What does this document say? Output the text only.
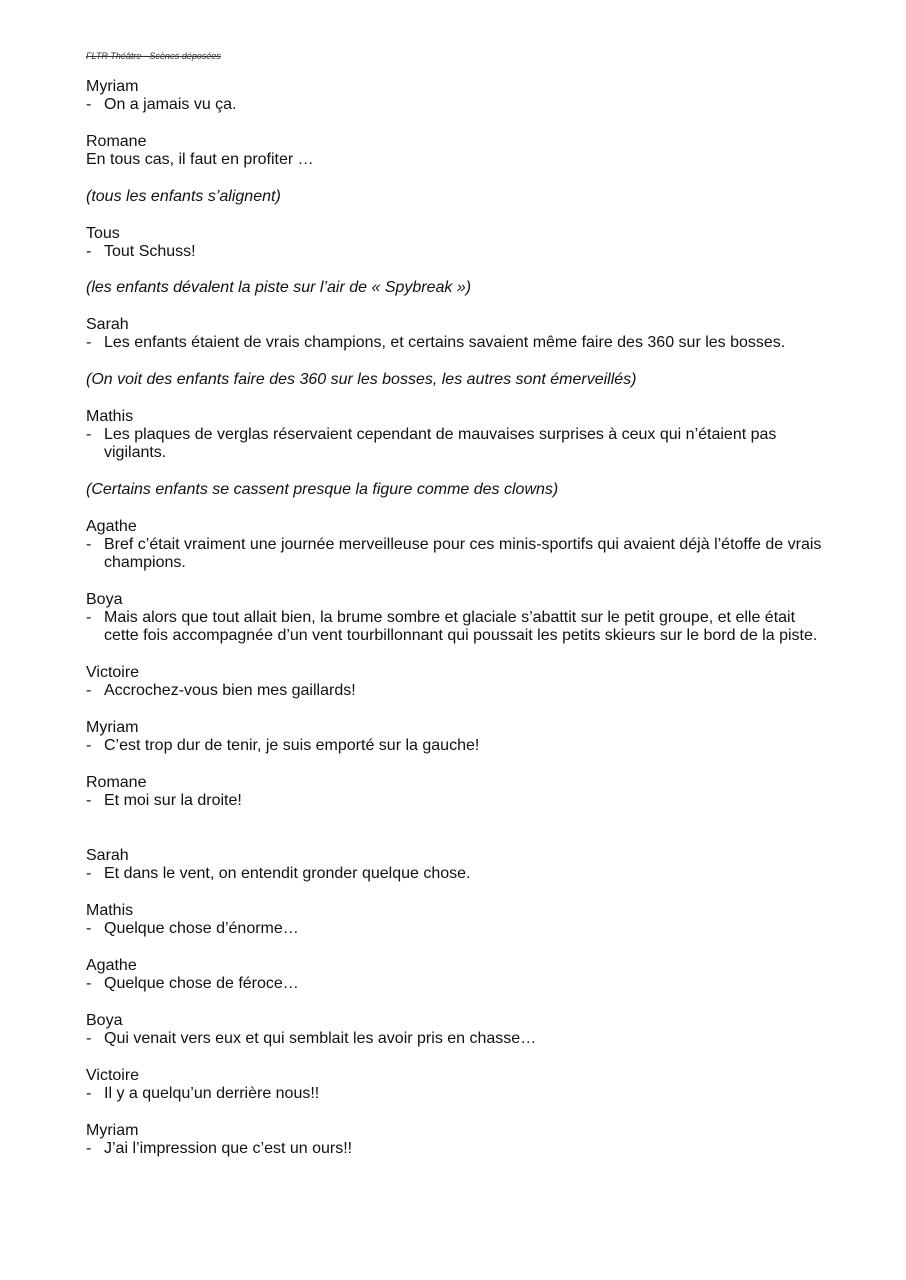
FLTR Théâtre - Scènes déposées
Myriam
- On a jamais vu ça.
Romane
En tous cas, il faut en profiter …
(tous les enfants s’alignent)
Tous
- Tout Schuss!
(les enfants dévalent la piste sur l’air de « Spybreak »)
Sarah
- Les enfants étaient de vrais champions, et certains savaient même faire des 360 sur les bosses.
(On voit des enfants faire des 360 sur les bosses, les autres sont émerveillés)
Mathis
- Les plaques de verglas réservaient cependant de mauvaises surprises à ceux qui n’étaient pas vigilants.
(Certains enfants se cassent presque la figure comme des clowns)
Agathe
- Bref c’était vraiment une journée merveilleuse pour ces minis-sportifs qui avaient déjà l’étoffe de vrais champions.
Boya
- Mais alors que tout allait bien, la brume sombre et glaciale s’abattit sur le petit groupe, et elle était cette fois accompagnée d’un vent tourbillonnant qui poussait les petits skieurs sur le bord de la piste.
Victoire
- Accrochez-vous bien mes gaillards!
Myriam
- C’est trop dur de tenir, je suis emporté sur la gauche!
Romane
- Et moi sur la droite!
Sarah
- Et dans le vent, on entendit gronder quelque chose.
Mathis
- Quelque chose d’énorme…
Agathe
- Quelque chose de féroce…
Boya
- Qui venait vers eux et qui semblait les avoir pris en chasse…
Victoire
- Il y a quelqu’un derrière nous!!
Myriam
- J’ai l’impression que c’est un ours!!
